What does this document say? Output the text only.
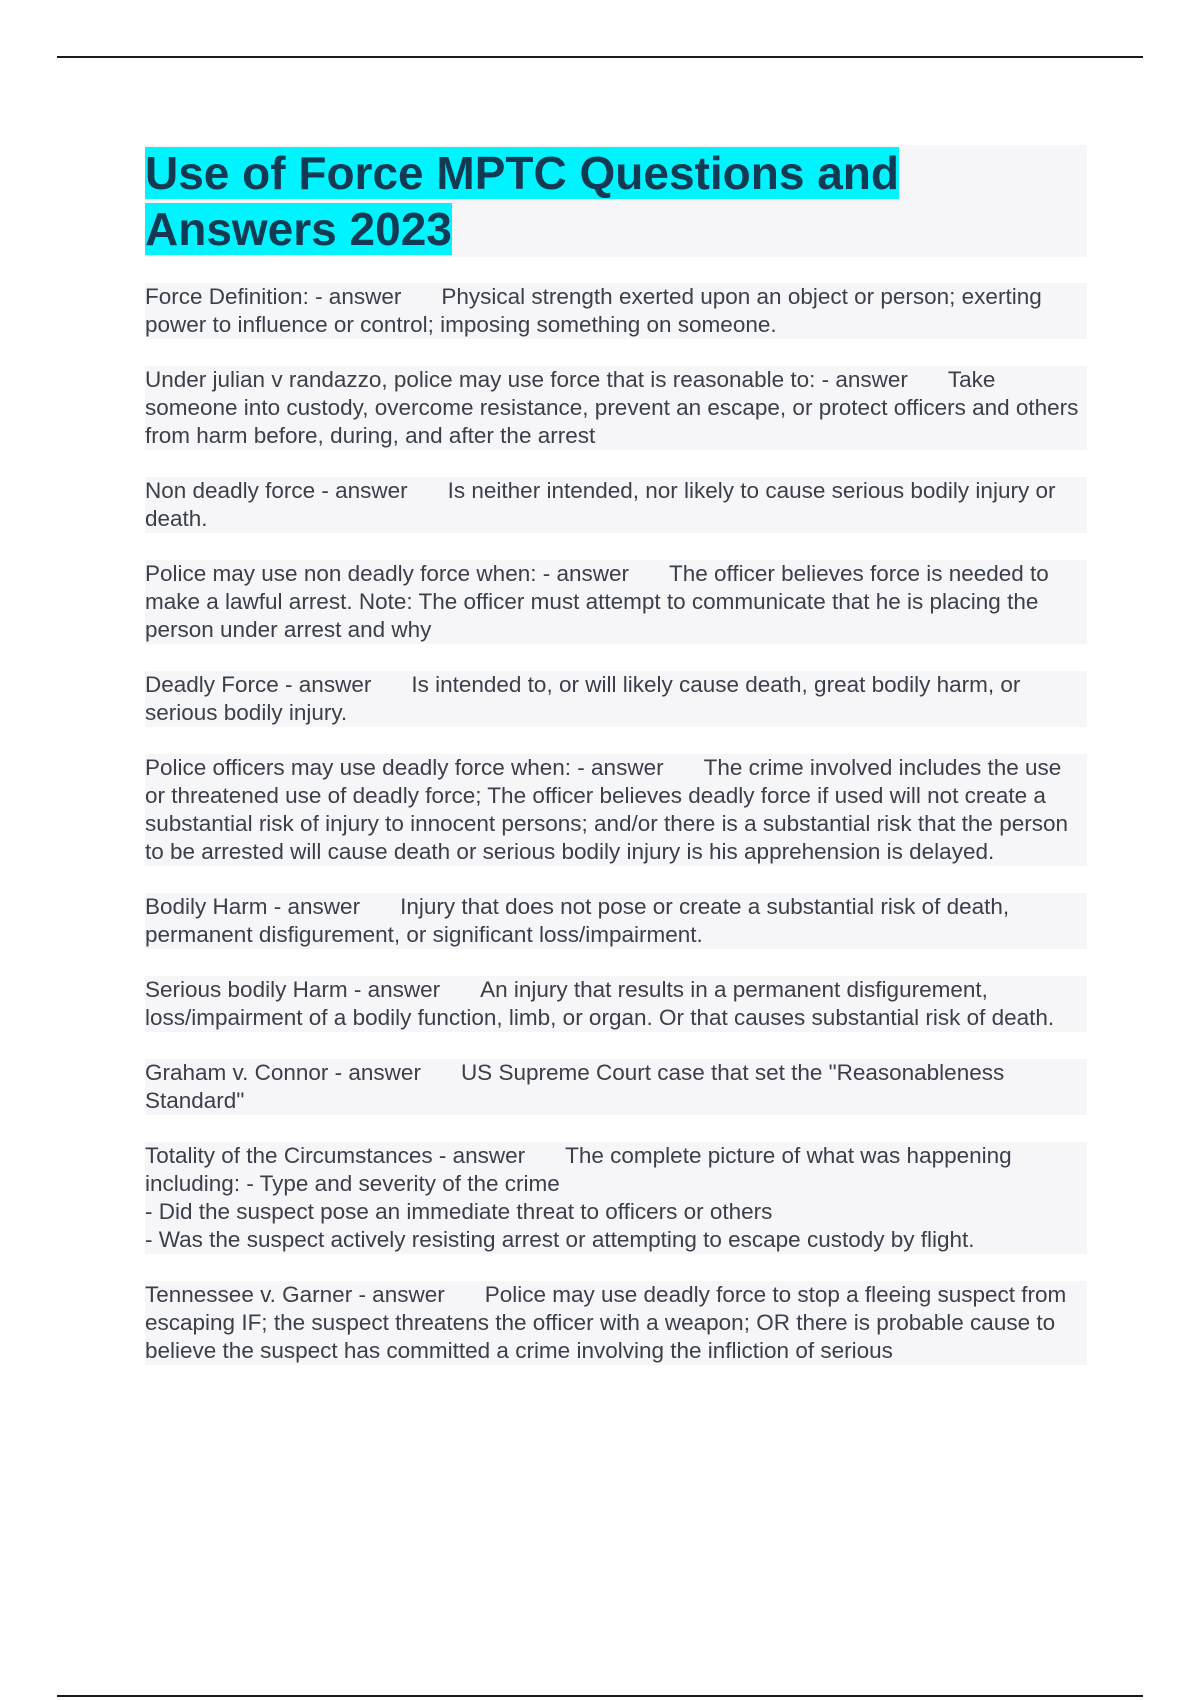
Use of Force MPTC Questions and Answers 2023

Force Definition: - answer Physical strength exerted upon an object or person; exerting power to influence or control; imposing something on someone.

Under julian v randazzo, police may use force that is reasonable to: - answer Take someone into custody, overcome resistance, prevent an escape, or protect officers and others from harm before, during, and after the arrest

Non deadly force - answer Is neither intended, nor likely to cause serious bodily injury or death.

Police may use non deadly force when: - answer The officer believes force is needed to make a lawful arrest. Note: The officer must attempt to communicate that he is placing the person under arrest and why

Deadly Force - answer Is intended to, or will likely cause death, great bodily harm, or serious bodily injury.

Police officers may use deadly force when: - answer The crime involved includes the use or threatened use of deadly force; The officer believes deadly force if used will not create a substantial risk of injury to innocent persons; and/or there is a substantial risk that the person to be arrested will cause death or serious bodily injury is his apprehension is delayed.

Bodily Harm - answer Injury that does not pose or create a substantial risk of death, permanent disfigurement, or significant loss/impairment.

Serious bodily Harm - answer An injury that results in a permanent disfigurement, loss/impairment of a bodily function, limb, or organ. Or that causes substantial risk of death.

Graham v. Connor - answer US Supreme Court case that set the "Reasonableness Standard"

Totality of the Circumstances - answer The complete picture of what was happening including: - Type and severity of the crime
- Did the suspect pose an immediate threat to officers or others
- Was the suspect actively resisting arrest or attempting to escape custody by flight.

Tennessee v. Garner - answer Police may use deadly force to stop a fleeing suspect from escaping IF; the suspect threatens the officer with a weapon; OR there is probable cause to believe the suspect has committed a crime involving the infliction of serious
